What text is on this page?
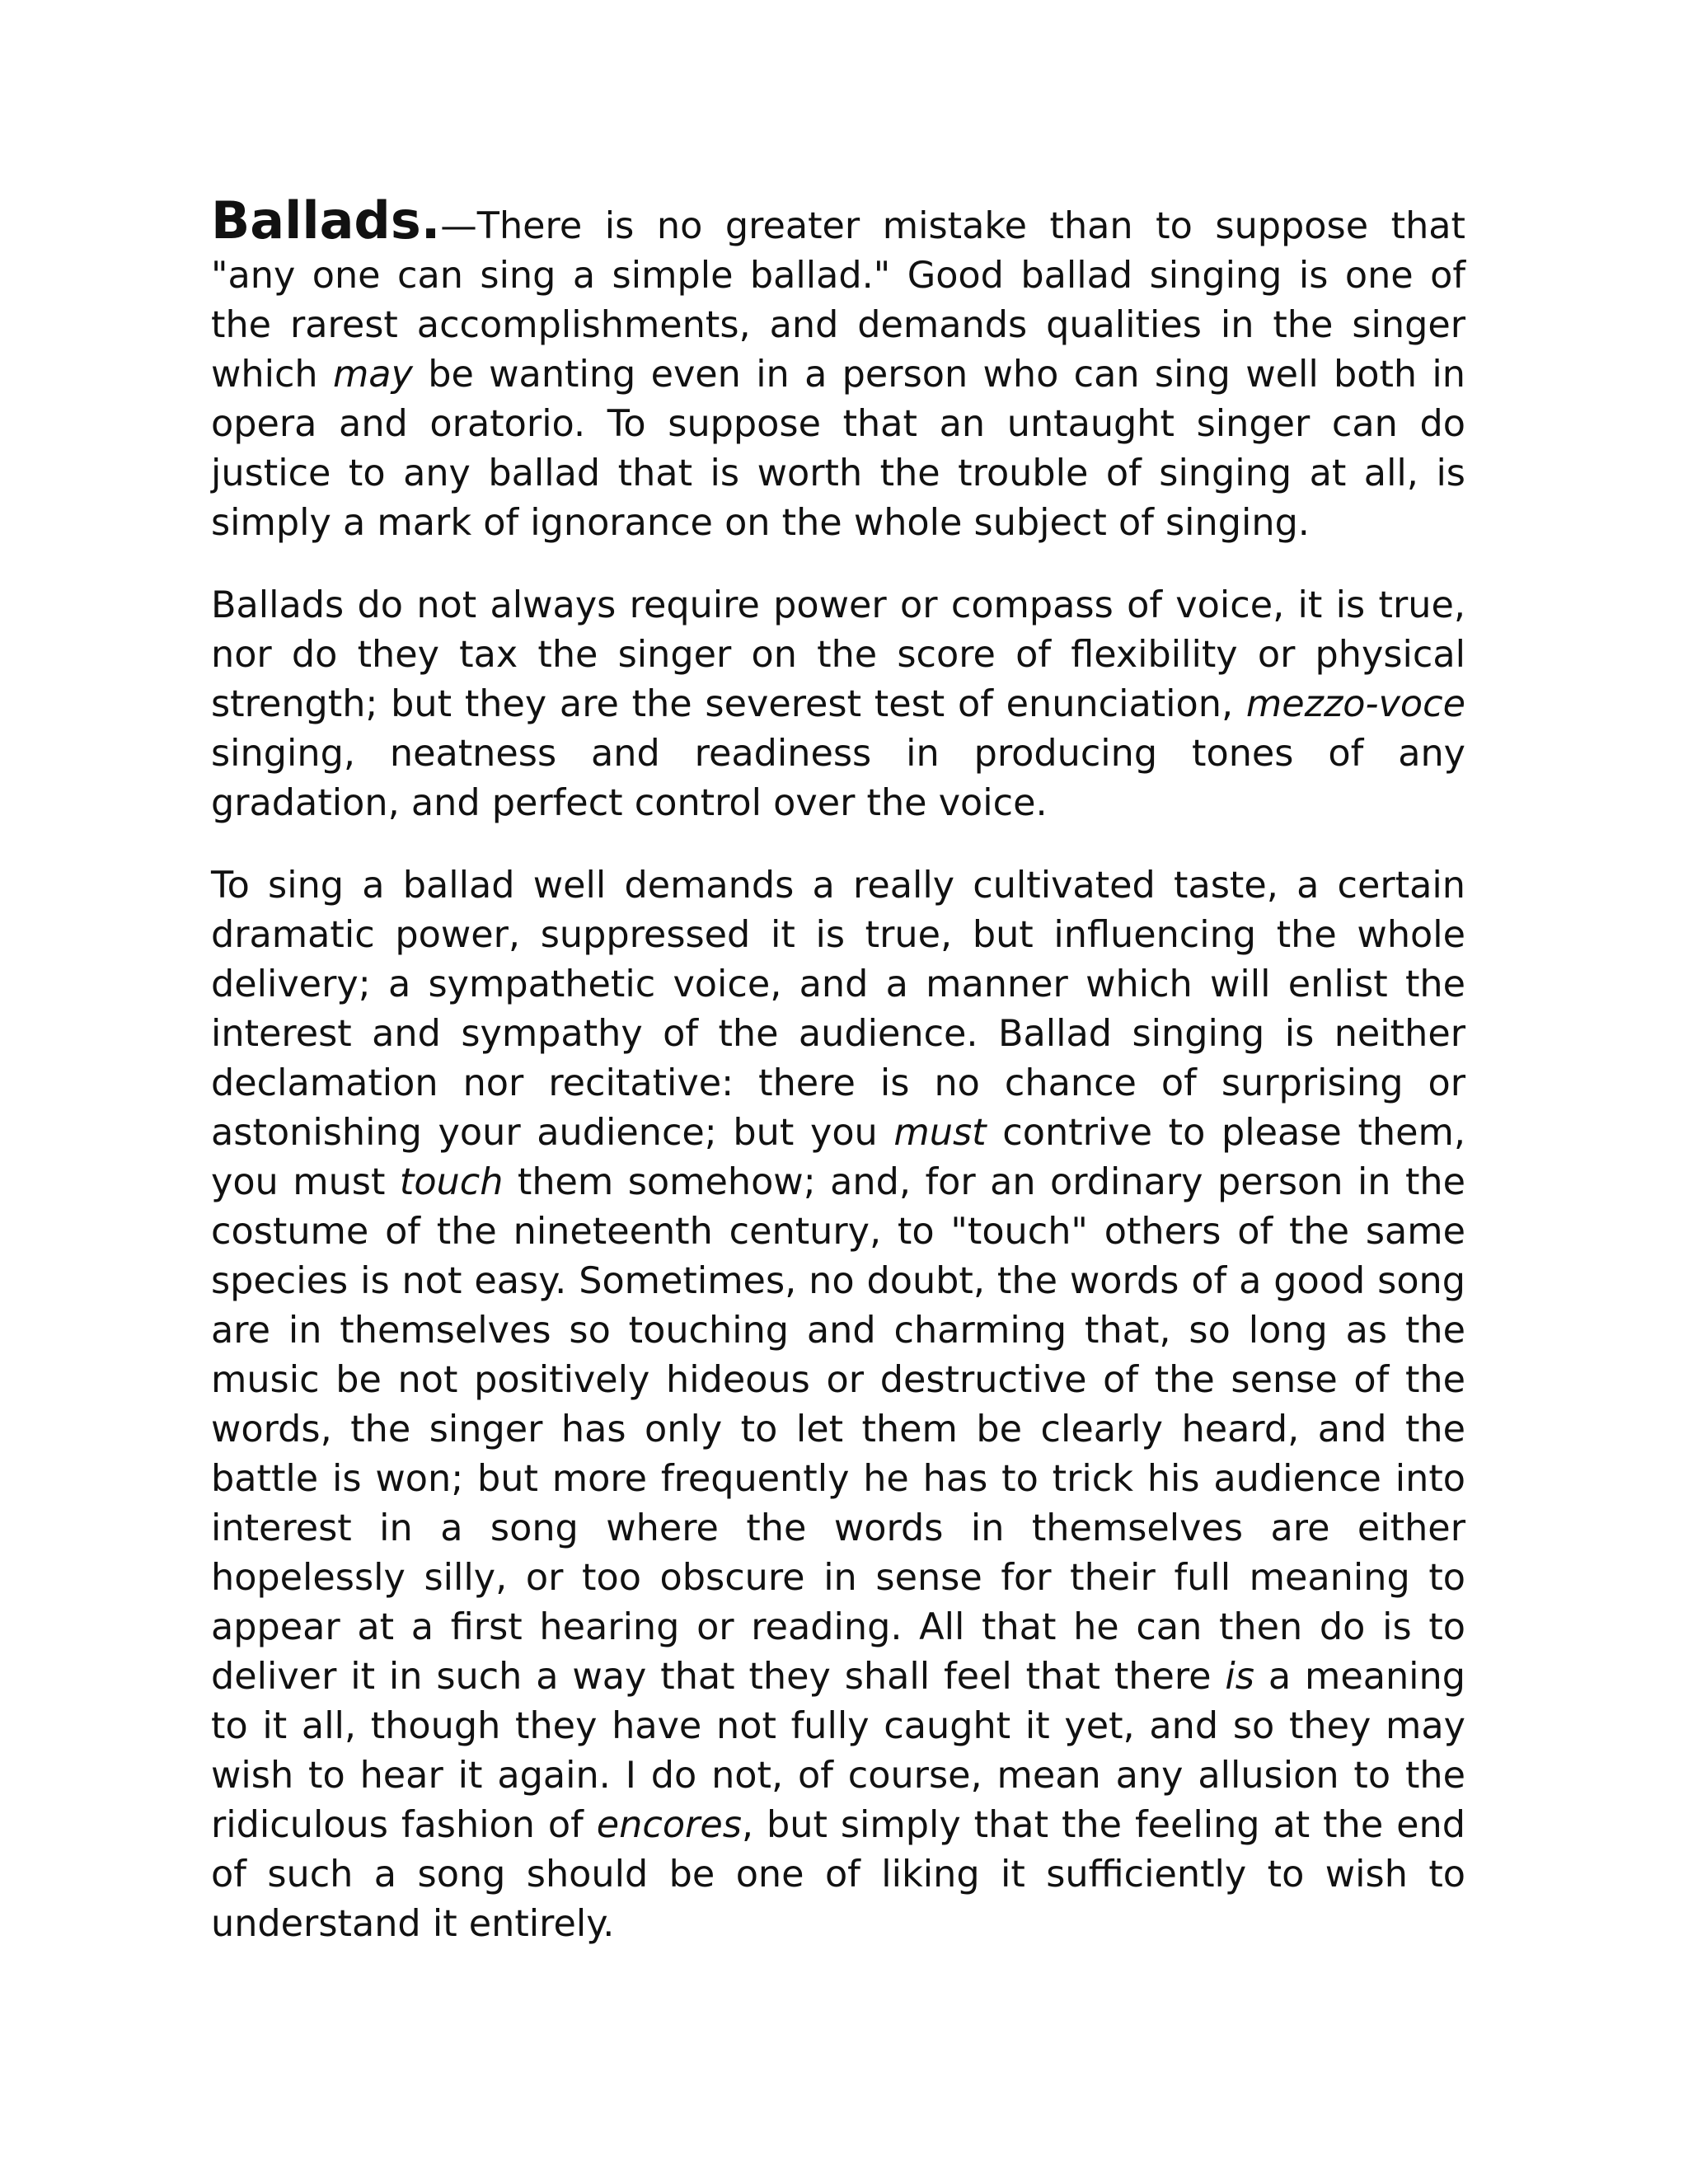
Ballads.—There is no greater mistake than to suppose that "any one can sing a simple ballad." Good ballad singing is one of the rarest accomplishments, and demands qualities in the singer which may be wanting even in a person who can sing well both in opera and oratorio. To suppose that an untaught singer can do justice to any ballad that is worth the trouble of singing at all, is simply a mark of ignorance on the whole subject of singing.

Ballads do not always require power or compass of voice, it is true, nor do they tax the singer on the score of flexibility or physical strength; but they are the severest test of enunciation, mezzo-voce singing, neatness and readiness in producing tones of any gradation, and perfect control over the voice.

To sing a ballad well demands a really cultivated taste, a certain dramatic power, suppressed it is true, but influencing the whole delivery; a sympathetic voice, and a manner which will enlist the interest and sympathy of the audience. Ballad singing is neither declamation nor recitative: there is no chance of surprising or astonishing your audience; but you must contrive to please them, you must touch them somehow; and, for an ordinary person in the costume of the nineteenth century, to "touch" others of the same species is not easy. Sometimes, no doubt, the words of a good song are in themselves so touching and charming that, so long as the music be not positively hideous or destructive of the sense of the words, the singer has only to let them be clearly heard, and the battle is won; but more frequently he has to trick his audience into interest in a song where the words in themselves are either hopelessly silly, or too obscure in sense for their full meaning to appear at a first hearing or reading. All that he can then do is to deliver it in such a way that they shall feel that there is a meaning to it all, though they have not fully caught it yet, and so they may wish to hear it again. I do not, of course, mean any allusion to the ridiculous fashion of encores, but simply that the feeling at the end of such a song should be one of liking it sufficiently to wish to understand it entirely.
